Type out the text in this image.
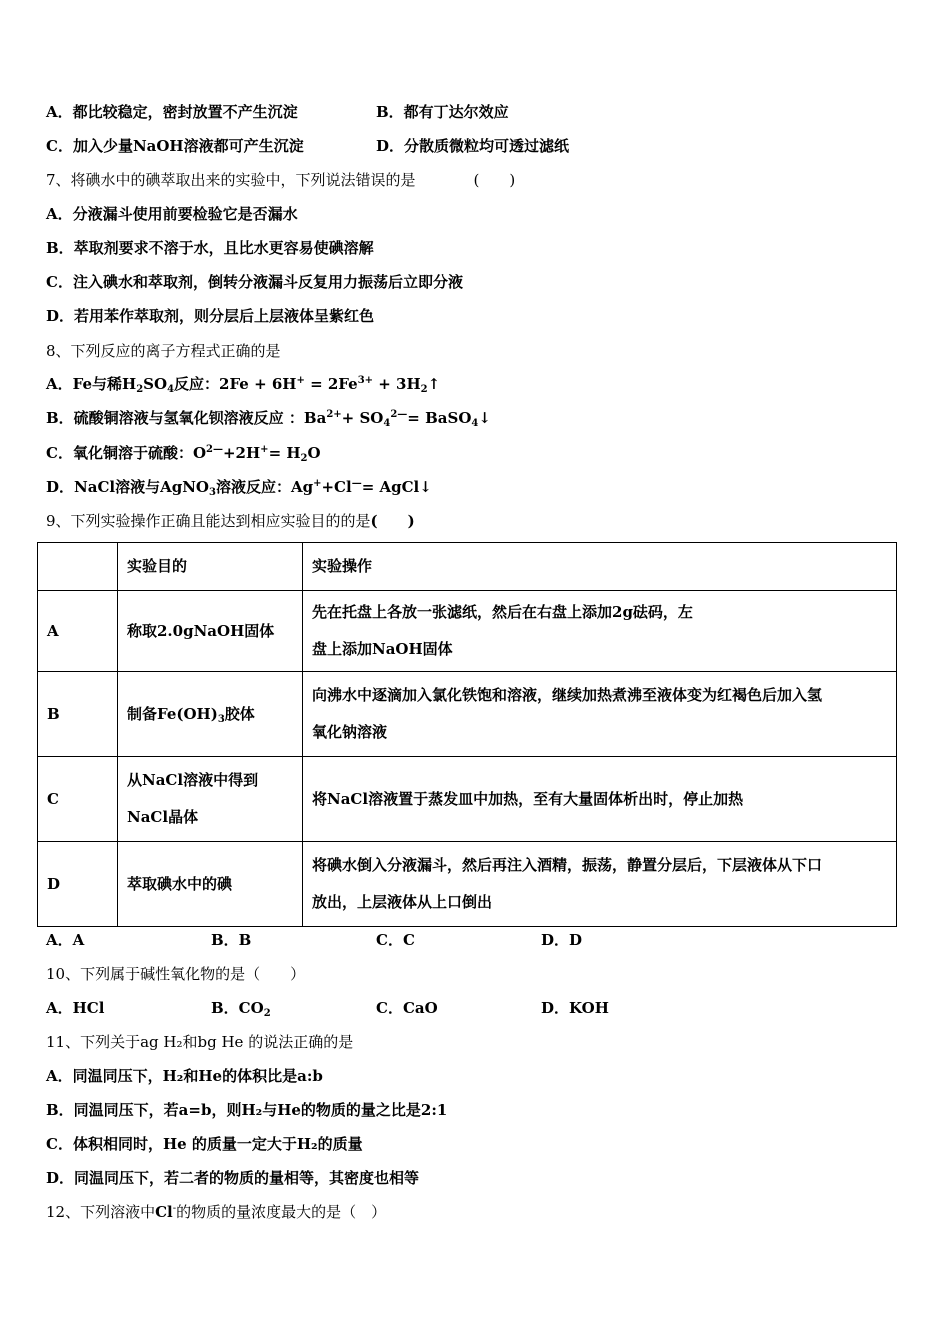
A．都比较稳定，密封放置不产生沉淀	B．都有丁达尔效应
C．加入少量NaOH溶液都可产生沉淀	D．分散质微粒均可透过滤纸
7、将碘水中的碘萃取出来的实验中，下列说法错误的是	(　　)
A．分液漏斗使用前要检验它是否漏水
B．萃取剂要求不溶于水，且比水更容易使碘溶解
C．注入碘水和萃取剂，倒转分液漏斗反复用力振荡后立即分液
D．若用苯作萃取剂，则分层后上层液体呈紫红色
8、下列反应的离子方程式正确的是
A．Fe与稀$H_2SO_4$反应：$2Fe + 6H^+ = 2Fe^{3+}$ + $3H_2↑$
B．硫酸铜溶液与氢氧化钡溶液反应 ：$Ba^{2+}+ SO_4^{2—}=$ BaSO$_4$↓
C．氧化铜溶于硫酸：$O^{2—}+2H^+= H_2O$
D．NaCl溶液与AgNO$_3$溶液反应：Ag++Cl—= AgCl↓
9、下列实验操作正确且能达到相应实验目的的是(　　)
	实验目的	实验操作
A	称取2.0gNaOH固体	先在托盘上各放一张滤纸，然后在右盘上添加2g砝码，左
盘上添加NaOH固体

B	制备$Fe(OH)_3$胶体	向沸水中逐滴加入氯化铁饱和溶液，继续加热煮沸至液体变为红褐色后加入氢
氧化钠溶液

C	从NaCl溶液中得到
NaCl晶体	将NaCl溶液置于蒸发皿中加热，至有大量固体析出时，停止加热
D	萃取碘水中的碘	将碘水倒入分液漏斗，然后再注入酒精，振荡，静置分层后，下层液体从下口
放出，上层液体从上口倒出
A．A	B．B	C．C	D．D
10、下列属于碱性氧化物的是（　　）
A．HCl	B．$CO_2$	C．CaO	D．KOH
11、下列关于ag H₂和bg He 的说法正确的是
A．同温同压下，H₂和He的体积比是a:b
B．同温同压下，若a=b，则H₂与He的物质的量之比是2:1
C．体积相同时，He 的质量一定大于H₂的质量
D．同温同压下，若二者的物质的量相等，其密度也相等
12、下列溶液中Cl-的物质的量浓度最大的是（　）
